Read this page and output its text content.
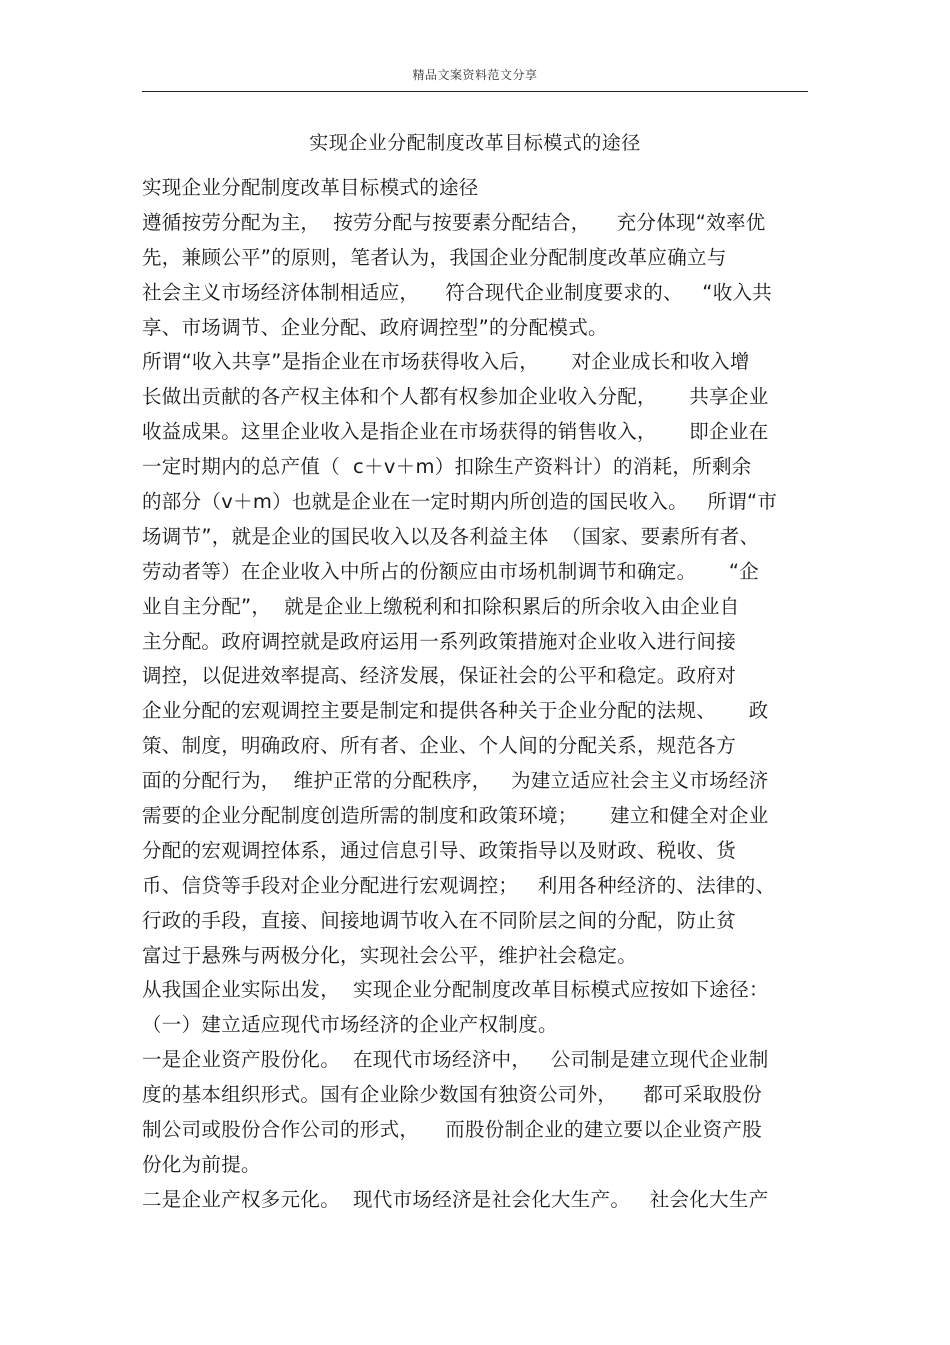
精品文案资料范文分享
实现企业分配制度改革目标模式的途径
实现企业分配制度改革目标模式的途径
遵循按劳分配为主，  按劳分配与按要素分配结合，    充分体现“效率优
先，兼顾公平”的原则，笔者认为，我国企业分配制度改革应确立与
社会主义市场经济体制相适应，    符合现代企业制度要求的、   “收入共
享、市场调节、企业分配、政府调控型”的分配模式。
所谓“收入共享”是指企业在市场获得收入后，     对企业成长和收入增
长做出贡献的各产权主体和个人都有权参加企业收入分配，     共享企业
收益成果。这里企业收入是指企业在市场获得的销售收入，     即企业在
一定时期内的总产值（  c＋v＋m）扣除生产资料计）的消耗，所剩余
的部分（v＋m）也就是企业在一定时期内所创造的国民收入。   所谓“市
场调节”，就是企业的国民收入以及各利益主体  （国家、要素所有者、
劳动者等）在企业收入中所占的份额应由市场机制调节和确定。     “企
业自主分配”，  就是企业上缴税利和扣除积累后的所余收入由企业自
主分配。政府调控就是政府运用一系列政策措施对企业收入进行间接
调控，以促进效率提高、经济发展，保证社会的公平和稳定。政府对
企业分配的宏观调控主要是制定和提供各种关于企业分配的法规、     政
策、制度，明确政府、所有者、企业、个人间的分配关系，规范各方
面的分配行为，  维护正常的分配秩序，   为建立适应社会主义市场经济
需要的企业分配制度创造所需的制度和政策环境；     建立和健全对企业
分配的宏观调控体系，通过信息引导、政策指导以及财政、税收、货
币、信贷等手段对企业分配进行宏观调控；   利用各种经济的、法律的、
行政的手段，直接、间接地调节收入在不同阶层之间的分配，防止贫
富过于悬殊与两极分化，实现社会公平，维护社会稳定。
从我国企业实际出发，  实现企业分配制度改革目标模式应按如下途径：
（一）建立适应现代市场经济的企业产权制度。
一是企业资产股份化。  在现代市场经济中，   公司制是建立现代企业制
度的基本组织形式。国有企业除少数国有独资公司外，    都可采取股份
制公司或股份合作公司的形式，    而股份制企业的建立要以企业资产股
份化为前提。
二是企业产权多元化。  现代市场经济是社会化大生产。   社会化大生产
